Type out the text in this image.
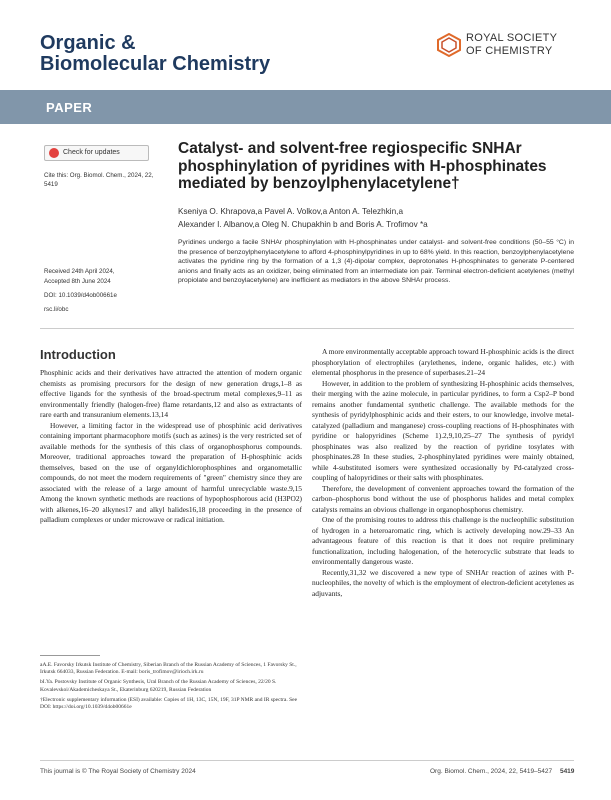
Organic &
Biomolecular Chemistry
ROYAL SOCIETY
OF CHEMISTRY
PAPER
Check for updates
Cite this: Org. Biomol. Chem., 2024, 22, 5419
Received 24th April 2024,
Accepted 8th June 2024
DOI: 10.1039/d4ob00661e
rsc.li/obc
Catalyst- and solvent-free regiospecific SNHAr phosphinylation of pyridines with H-phosphinates mediated by benzoylphenylacetylene†
Kseniya O. Khrapova,a Pavel A. Volkov,a Anton A. Telezhkin,a
Alexander I. Albanov,a Oleg N. Chupakhin b and Boris A. Trofimov *a

Pyridines undergo a facile SNHAr phosphinylation with H-phosphinates under catalyst- and solvent-free conditions (50–55 °C) in the presence of benzoylphenylacetylene to afford 4-phosphinylpyridines in up to 68% yield. In this reaction, benzoylphenylacetylene activates the pyridine ring by the formation of a 1,3 (4)-dipolar complex, deprotonates H-phosphinates to generate P-centered anions and finally acts as an oxidizer, being eliminated from an intermediate ion pair. Terminal electron-deficient acetylenes (methyl propiolate and benzoylacetylene) are inefficient as mediators in the above SNHAr process.

Introduction

Phosphinic acids and their derivatives have attracted the attention of modern organic chemists as promising precursors for the design of new generation drugs,1–8 as effective ligands for the synthesis of the broad-spectrum metal complexes,9–11 as environmentally friendly (halogen-free) flame retardants,12 and also as extractants of rare earth and transuranium elements.13,14

However, a limiting factor in the widespread use of phosphinic acid derivatives containing important pharmacophore motifs (such as azines) is the very restricted set of available methods for the synthesis of this class of organophosphorus compounds. Moreover, traditional approaches toward the preparation of H-phosphinic acids themselves, based on the use of organyldichlorophosphines and organometallic compounds, do not meet the modern requirements of "green" chemistry since they are associated with the release of a large amount of harmful unrecyclable waste.9,15 Among the known synthetic methods are reactions of hypophosphorous acid (H3PO2) with alkenes,16–20 alkynes17 and alkyl halides16,18 proceeding in the presence of palladium complexes or under microwave or radical initiation.

A more environmentally acceptable approach toward H-phosphinic acids is the direct phosphorylation of electrophiles (arylethenes, indene, organic halides, etc.) with elemental phosphorus in the presence of superbases.21–24

However, in addition to the problem of synthesizing H-phosphinic acids themselves, their merging with the azine molecule, in particular pyridines, to form a Csp2–P bond remains another fundamental synthetic challenge. The available methods for the synthesis of pyridylphosphinic acids and their esters, to our knowledge, involve metal-catalyzed (palladium and manganese) cross-coupling reactions of H-phosphinates with pyridine or halopyridines (Scheme 1).2,9,10,25–27 The synthesis of pyridyl phosphinates was also realized by the reaction of pyridine tosylates with phosphinates.28 In these studies, 2-phosphinylated pyridines were mainly obtained, while 4-substituted isomers were synthesized occasionally by Pd-catalyzed cross-coupling of halopyridines or their salts with phosphinates.

Therefore, the development of convenient approaches toward the formation of the carbon–phosphorus bond without the use of phosphorus halides and metal complex catalysts remains an obvious challenge in organophosphorus chemistry.

One of the promising routes to address this challenge is the nucleophilic substitution of hydrogen in a heteroaromatic ring, which is actively developing now.29–33 An advantageous feature of this reaction is that it does not require preliminary functionalization, including halogenation, of the heterocyclic substrate that leads to environmentally dangerous waste.

Recently,31,32 we discovered a new type of SNHAr reaction of azines with P-nucleophiles, the novelty of which is the employment of electron-deficient acetylenes as adjuvants,

aA.E. Favorsky Irkutsk Institute of Chemistry, Siberian Branch of the Russian Academy of Sciences, 1 Favorsky St., Irkutsk 664033, Russian Federation. E-mail: boris_trofimov@irioch.irk.ru
bI.Ya. Postovsky Institute of Organic Synthesis, Ural Branch of the Russian Academy of Sciences, 22/20 S. Kovalevskoi/Akademicheskaya St., Ekaterinburg 620219, Russian Federation
†Electronic supplementary information (ESI) available: Copies of 1H, 13C, 15N, 19F, 31P NMR and IR spectra. See DOI: https://doi.org/10.1039/d4ob00661e
This journal is © The Royal Society of Chemistry 2024	Org. Biomol. Chem., 2024, 22, 5419–5427 5419
